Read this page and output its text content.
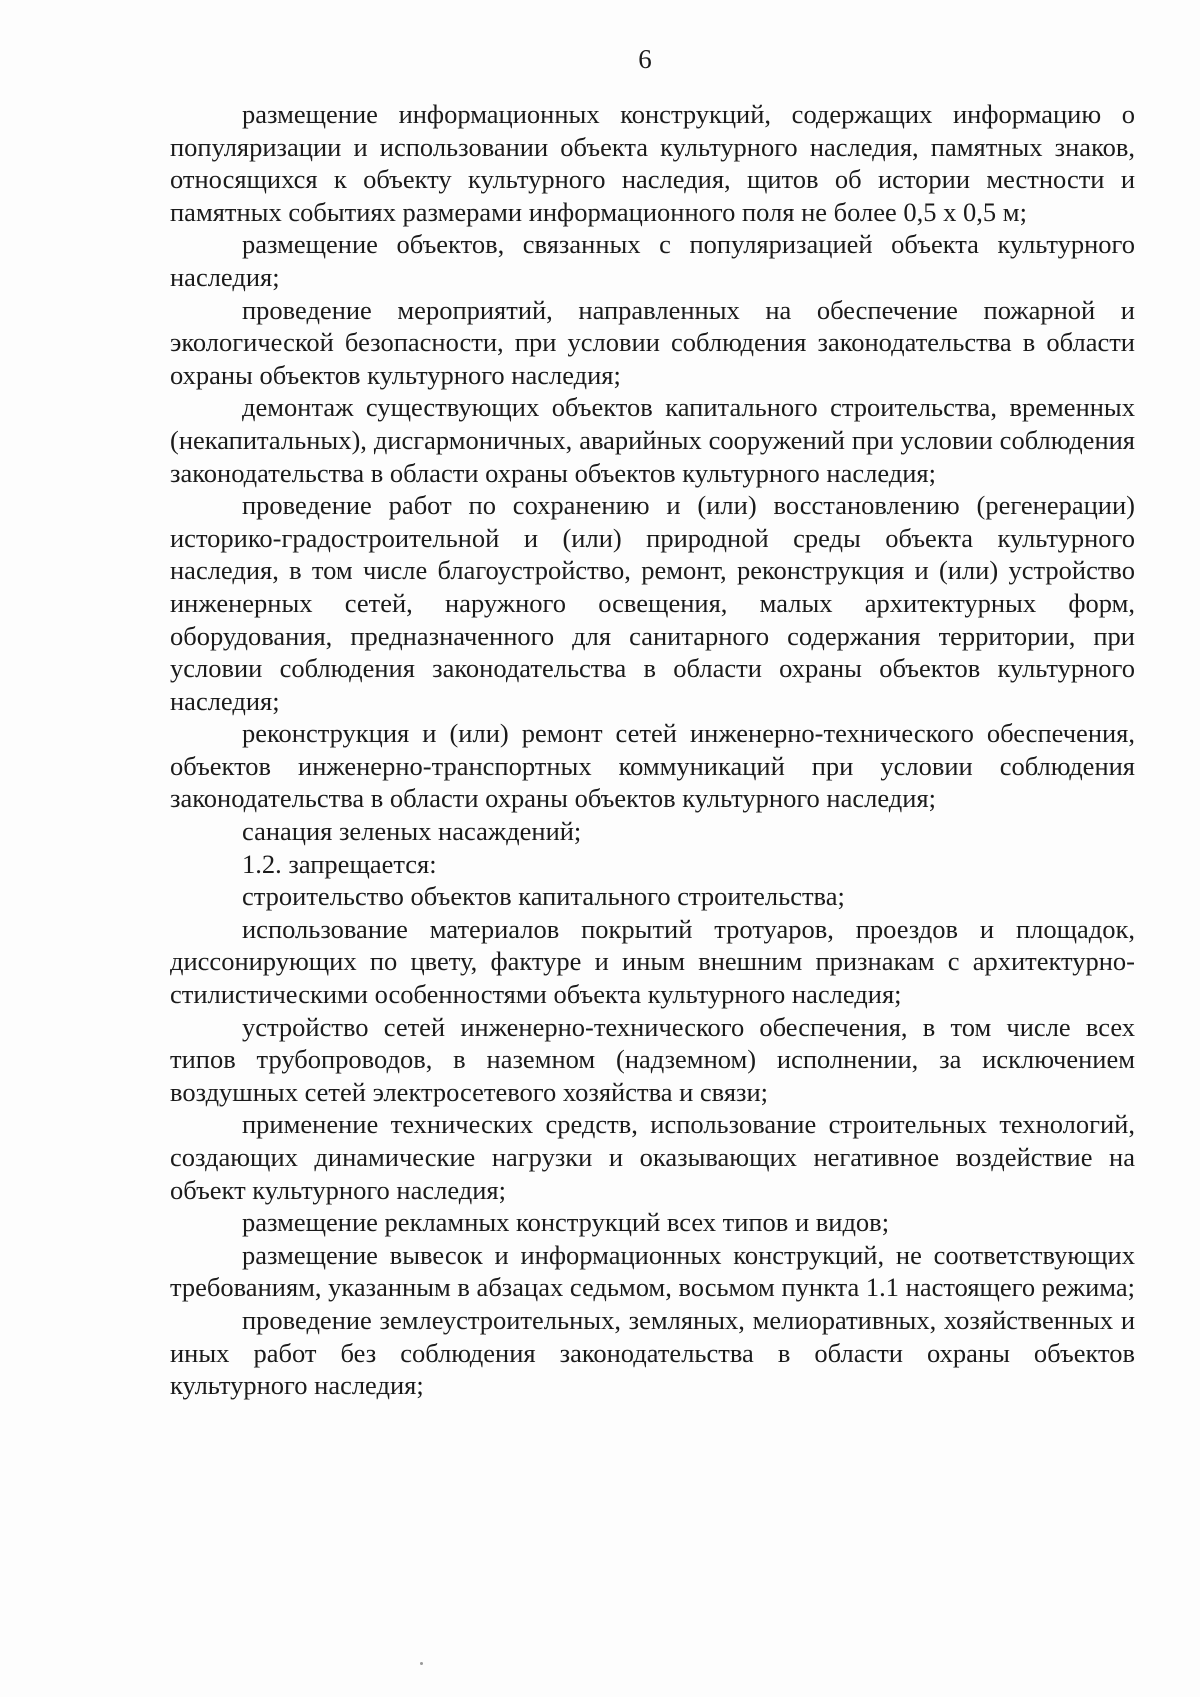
6

размещение информационных конструкций, содержащих информацию о популяризации и использовании объекта культурного наследия, памятных знаков, относящихся к объекту культурного наследия, щитов об истории местности и памятных событиях размерами информационного поля не более 0,5 х 0,5 м;

размещение объектов, связанных с популяризацией объекта культурного наследия;

проведение мероприятий, направленных на обеспечение пожарной и экологической безопасности, при условии соблюдения законодательства в области охраны объектов культурного наследия;

демонтаж существующих объектов капитального строительства, временных (некапитальных), дисгармоничных, аварийных сооружений при условии соблюдения законодательства в области охраны объектов культурного наследия;

проведение работ по сохранению и (или) восстановлению (регенерации) историко-градостроительной и (или) природной среды объекта культурного наследия, в том числе благоустройство, ремонт, реконструкция и (или) устройство инженерных сетей, наружного освещения, малых архитектурных форм, оборудования, предназначенного для санитарного содержания территории, при условии соблюдения законодательства в области охраны объектов культурного наследия;

реконструкция и (или) ремонт сетей инженерно-технического обеспечения, объектов инженерно-транспортных коммуникаций при условии соблюдения законодательства в области охраны объектов культурного наследия;

санация зеленых насаждений;

1.2. запрещается:

строительство объектов капитального строительства;

использование материалов покрытий тротуаров, проездов и площадок, диссонирующих по цвету, фактуре и иным внешним признакам с архитектурно-стилистическими особенностями объекта культурного наследия;

устройство сетей инженерно-технического обеспечения, в том числе всех типов трубопроводов, в наземном (надземном) исполнении, за исключением воздушных сетей электросетевого хозяйства и связи;

применение технических средств, использование строительных технологий, создающих динамические нагрузки и оказывающих негативное воздействие на объект культурного наследия;

размещение рекламных конструкций всех типов и видов;

размещение вывесок и информационных конструкций, не соответствующих требованиям, указанным в абзацах седьмом, восьмом пункта 1.1 настоящего режима;

проведение землеустроительных, земляных, мелиоративных, хозяйственных и иных работ без соблюдения законодательства в области охраны объектов культурного наследия;
